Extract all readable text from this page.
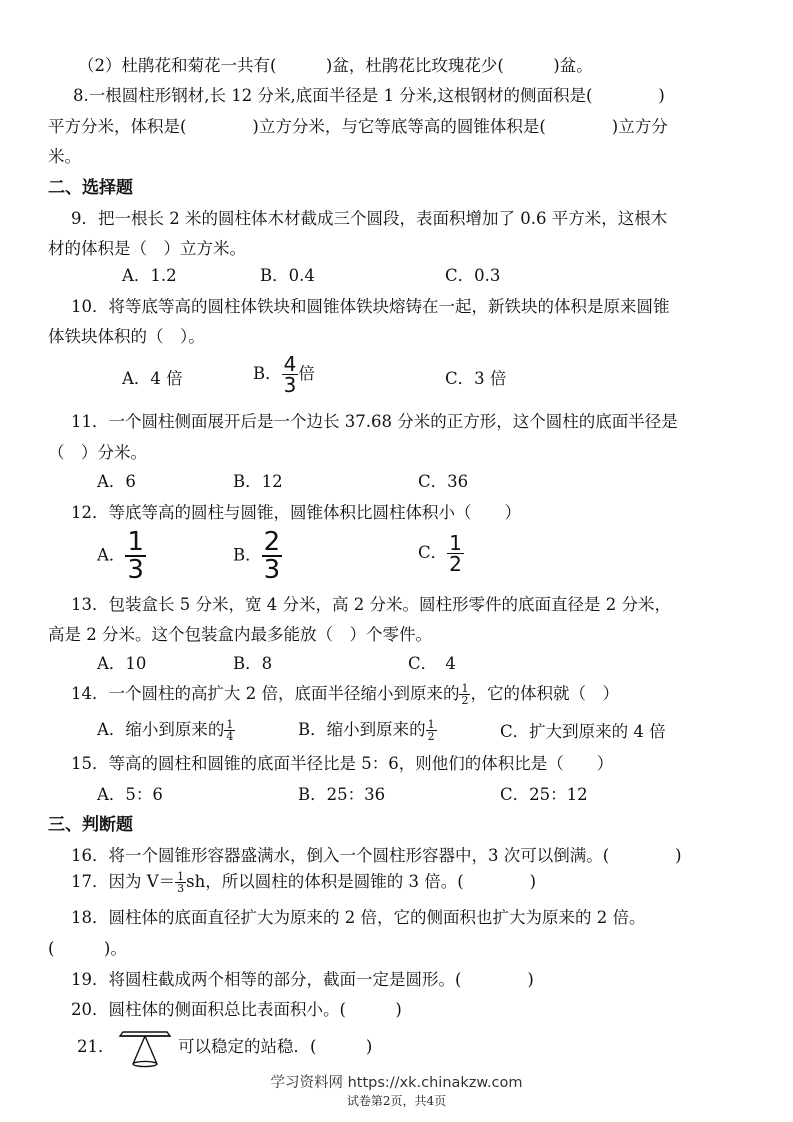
（2）杜鹃花和菊花一共有(　　　)盆，杜鹃花比玫瑰花少(　　　)盆。
8.一根圆柱形钢材,长 12 分米,底面半径是 1 分米,这根钢材的侧面积是(　　　　)
平方分米，体积是(　　　　)立方分米，与它等底等高的圆锥体积是(　　　　)立方分
米。
二、选择题
9．把一根长 2 米的圆柱体木材截成三个圆段，表面积增加了 0.6 平方米，这根木
材的体积是（　）立方米。
A．1.2	B．0.4	C．0.3
10．将等底等高的圆柱体铁块和圆锥体铁块熔铸在一起，新铁块的体积是原来圆锥
体铁块体积的（　）。
A．4 倍	B． $\frac{4}{3}$ 倍	C．3 倍
11．一个圆柱侧面展开后是一个边长 37.68 分米的正方形，这个圆柱的底面半径是
（　）分米。
A．6	B．12	C．36
12．等底等高的圆柱与圆锥，圆锥体积比圆柱体积小（　　）
A． $\frac{1}{3}$	B． $\frac{2}{3}$	C． $\frac{1}{2}$
13．包装盒长 5 分米，宽 4 分米，高 2 分米。圆柱形零件的底面直径是 2 分米，
高是 2 分米。这个包装盒内最多能放（　）个零件。
A．10	B．8	C．　4
14．一个圆柱的高扩大 2 倍，底面半径缩小到原来的 $\frac{1}{2}$ ，它的体积就（　）
A．缩小到原来的 $\frac{1}{4}$	B．缩小到原来的 $\frac{1}{2}$	C．扩大到原来的 4 倍
15．等高的圆柱和圆锥的底面半径比是 5：6，则他们的体积比是（　　）
A．5：6	B．25：36	C．25：12
三、判断题
16．将一个圆锥形容器盛满水，倒入一个圆柱形容器中，3 次可以倒满。(　　　　)
17．因为 $V= \frac{1}{3}$ sh，所以圆柱的体积是圆锥的 3 倍。(　　　　)
18．圆柱体的底面直径扩大为原来的 2 倍，它的侧面积也扩大为原来的 2 倍。
(　　　)。
19．将圆柱截成两个相等的部分，截面一定是圆形。(　　　　)
20．圆柱体的侧面积总比表面积小。(　　　)
21．	可以稳定的站稳．(　　　)
学习资料网 https://xk.chinakzw.com
试卷第2页，共4页
